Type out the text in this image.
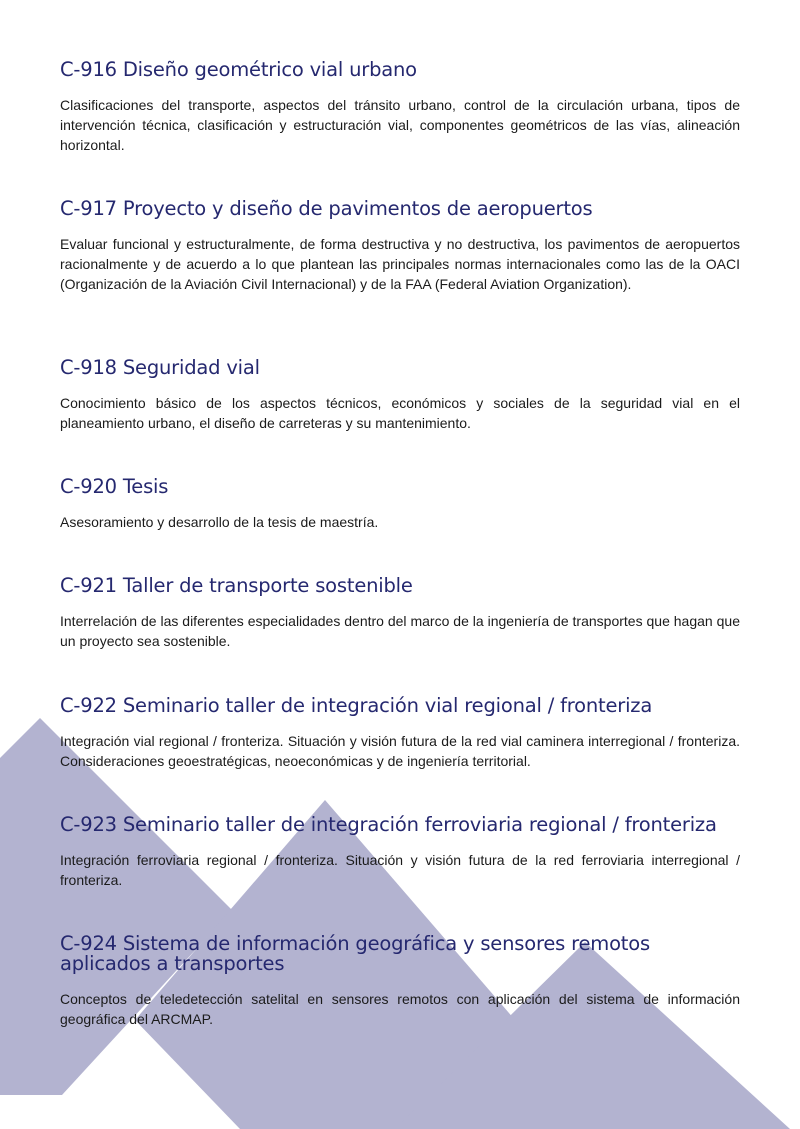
C-916 Diseño geométrico vial urbano

Clasificaciones del transporte, aspectos del tránsito urbano, control de la circulación urbana, tipos de intervención técnica, clasificación y estructuración vial, componentes geométricos de las vías, alineación horizontal.

C-917 Proyecto y diseño de pavimentos de aeropuertos

Evaluar funcional y estructuralmente, de forma destructiva y no destructiva, los pavimentos de aeropuertos racionalmente y de acuerdo a lo que plantean las principales normas internacionales como las de la OACI (Organización de la Aviación Civil Internacional) y de la FAA (Federal Aviation Organization).

C-918 Seguridad vial

Conocimiento básico de los aspectos técnicos, económicos y sociales de la seguridad vial en el planeamiento urbano, el diseño de carreteras y su mantenimiento.

C-920 Tesis

Asesoramiento y desarrollo de la tesis de maestría.

C-921 Taller de transporte sostenible

Interrelación de las diferentes especialidades dentro del marco de la ingeniería de transportes que hagan que un proyecto sea sostenible.

C-922 Seminario taller de integración vial regional / fronteriza

Integración vial regional / fronteriza. Situación y visión futura de la red vial caminera interregional / fronteriza. Consideraciones geoestratégicas, neoeconómicas y de ingeniería territorial.

C-923 Seminario taller de integración ferroviaria regional / fronteriza

Integración ferroviaria regional / fronteriza. Situación y visión futura de la red ferroviaria interregional / fronteriza.

C-924 Sistema de información geográfica y sensores remotos aplicados a transportes

Conceptos de teledetección satelital en sensores remotos con aplicación del sistema de información geográfica del ARCMAP.
